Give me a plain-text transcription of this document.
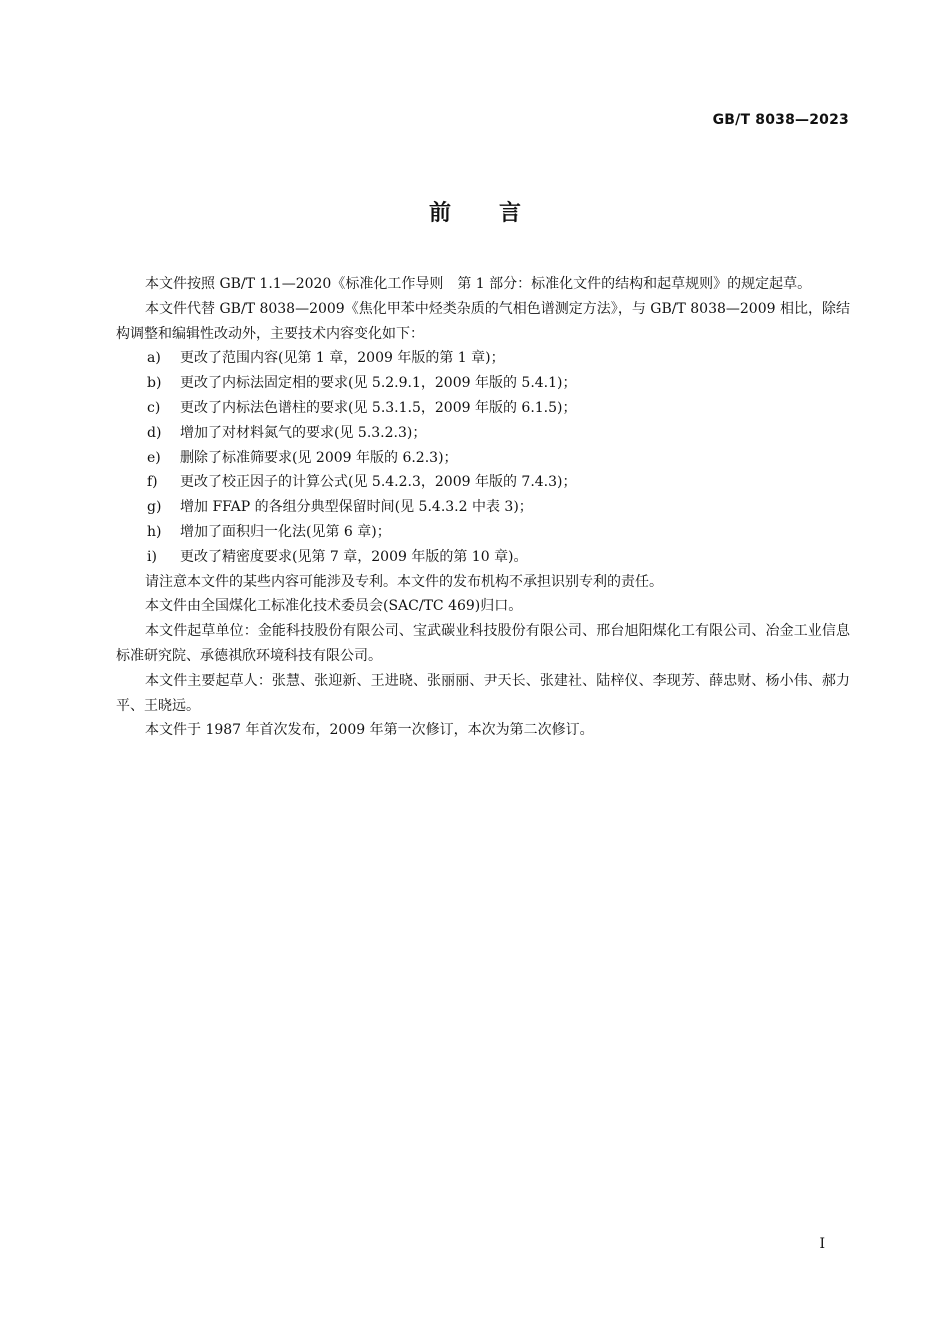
GB/T 8038—2023
前言

本文件按照 GB/T 1.1—2020《标准化工作导则　第 1 部分：标准化文件的结构和起草规则》的规定起草。

本文件代替 GB/T 8038—2009《焦化甲苯中烃类杂质的气相色谱测定方法》，与 GB/T 8038—2009 相比，除结构调整和编辑性改动外，主要技术内容变化如下：

a) 更改了范围内容(见第 1 章，2009 年版的第 1 章)；

b) 更改了内标法固定相的要求(见 5.2.9.1，2009 年版的 5.4.1)；

c) 更改了内标法色谱柱的要求(见 5.3.1.5，2009 年版的 6.1.5)；

d) 增加了对材料氮气的要求(见 5.3.2.3)；

e) 删除了标准筛要求(见 2009 年版的 6.2.3)；

f) 更改了校正因子的计算公式(见 5.4.2.3，2009 年版的 7.4.3)；

g) 增加 FFAP 的各组分典型保留时间(见 5.4.3.2 中表 3)；

h) 增加了面积归一化法(见第 6 章)；

i) 更改了精密度要求(见第 7 章，2009 年版的第 10 章)。

请注意本文件的某些内容可能涉及专利。本文件的发布机构不承担识别专利的责任。

本文件由全国煤化工标准化技术委员会(SAC/TC 469)归口。

本文件起草单位：金能科技股份有限公司、宝武碳业科技股份有限公司、邢台旭阳煤化工有限公司、冶金工业信息标准研究院、承德祺欣环境科技有限公司。

本文件主要起草人：张慧、张迎新、王进晓、张丽丽、尹天长、张建社、陆梓仪、李现芳、薛忠财、杨小伟、郝力平、王晓远。

本文件于 1987 年首次发布，2009 年第一次修订，本次为第二次修订。

I
